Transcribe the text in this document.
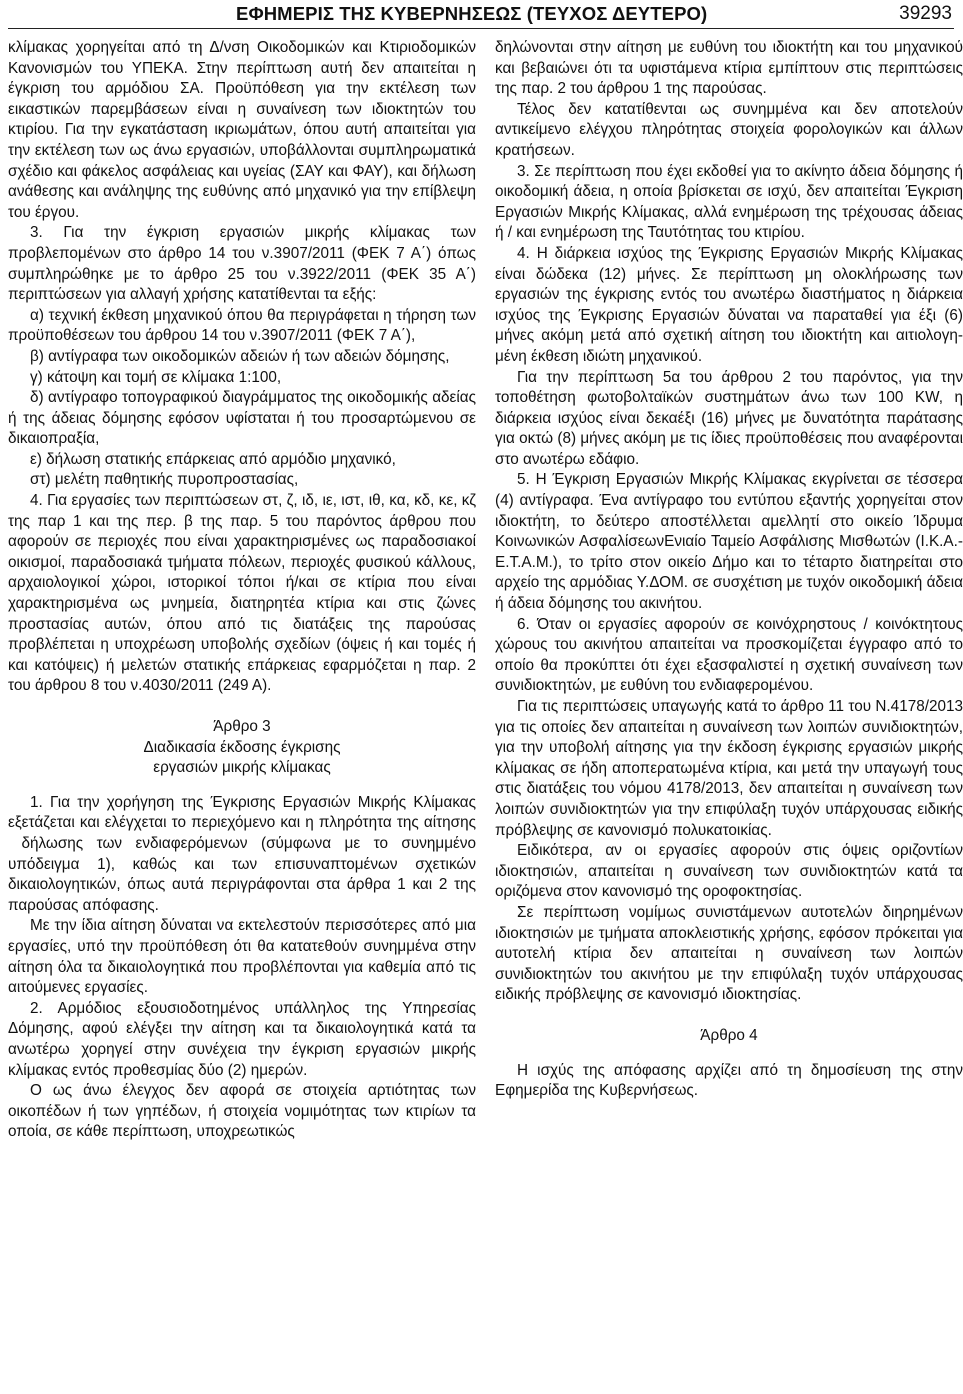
ΕΦΗΜΕΡΙΣ ΤΗΣ ΚΥΒΕΡΝΗΣΕΩΣ (ΤΕΥΧΟΣ ΔΕΥΤΕΡΟ)	39293

κλίμακας χορηγείται από τη Δ/νση Οικοδομικών και Κτιριοδομικών Κανονισμών του ΥΠΕΚΑ. Στην περίπτωση αυτή δεν απαιτείται η έγκριση του αρμόδιου ΣΑ. Προϋπόθεση για την εκτέλεση των εικαστικών παρεμβάσεων είναι η συναίνεση των ιδιοκτητών του κτιρίου. Για την εγκατάσταση ικριωμάτων, όπου αυτή απαιτείται για την εκτέλεση των ως άνω εργασιών, υποβάλλονται συμπληρωματικά σχέδιο και φάκελος ασφάλειας και υγείας (ΣΑΥ και ΦΑΥ), και δήλωση ανάθεσης και ανάληψης της ευθύνης από μηχανικό για την επίβλεψη του έργου.

3. Για την έγκριση εργασιών μικρής κλίμακας των προβλεπομένων στο άρθρο 14 του ν.3907/2011 (ΦΕΚ 7 Α΄) όπως συμπληρώθηκε με το άρθρο 25 του ν.3922/2011 (ΦΕΚ 35 Α΄) περιπτώσεων για αλλαγή χρήσης κατατίθενται τα εξής:

α) τεχνική έκθεση μηχανικού όπου θα περιγράφεται η τήρηση των προϋποθέσεων του άρθρου 14 του ν.3907/2011 (ΦΕΚ 7 Α΄),

β) αντίγραφα των οικοδομικών αδειών ή των αδειών δόμησης,

γ) κάτοψη και τομή σε κλίμακα 1:100,

δ) αντίγραφο τοπογραφικού διαγράμματος της οικοδομικής αδείας ή της άδειας δόμησης εφόσον υφίσταται ή του προσαρτώμενου σε δικαιοπραξία,

ε) δήλωση στατικής επάρκειας από αρμόδιο μηχανικό,

στ) μελέτη παθητικής πυροπροστασίας,

4. Για εργασίες των περιπτώσεων στ, ζ, ιδ, ιε, ιστ, ιθ, κα, κδ, κε, κζ της παρ 1 και της περ. β της παρ. 5 του παρόντος άρθρου που αφορούν σε περιοχές που είναι χαρακτηρισμένες ως παραδοσιακοί οικισμοί, παραδοσιακά τμήματα πόλεων, περιοχές φυσικού κάλλους, αρχαιολογικοί χώροι, ιστορικοί τόποι ή/και σε κτίρια που είναι χαρακτηρισμένα ως μνημεία, διατηρητέα κτίρια και στις ζώνες προστασίας αυτών, όπου από τις διατάξεις της παρούσας προβλέπεται η υποχρέωση υποβολής σχεδίων (όψεις ή και τομές ή και κατόψεις) ή μελετών στατικής επάρκειας εφαρμόζεται η παρ. 2 του άρθρου 8 του ν.4030/2011 (249 Α).

Άρθρο 3

Διαδικασία έκδοσης έγκρισης

εργασιών μικρής κλίμακας

1. Για την χορήγηση της Έγκρισης Εργασιών Μικρής Κλίμακας εξετάζεται και ελέγχεται το περιεχόμενο και η πληρότητα της αίτησης δήλωσης των ενδιαφερόμενων (σύμφωνα με το συνημμένο υπόδειγμα 1), καθώς και των επισυναπτομένων σχετικών δικαιολογητικών, όπως αυτά περιγράφονται στα άρθρα 1 και 2 της παρούσας απόφασης.

Με την ίδια αίτηση δύναται να εκτελεστούν περισσότερες από μια εργασίες, υπό την προϋπόθεση ότι θα κατατεθούν συνημμένα στην αίτηση όλα τα δικαιολογητικά που προβλέπονται για καθεμία από τις αιτούμενες εργασίες.

2. Αρμόδιος εξουσιοδοτημένος υπάλληλος της Υπηρεσίας Δόμησης, αφού ελέγξει την αίτηση και τα δικαιολογητικά κατά τα ανωτέρω χορηγεί στην συνέχεια την έγκριση εργασιών μικρής κλίμακας εντός προθεσμίας δύο (2) ημερών.

Ο ως άνω έλεγχος δεν αφορά σε στοιχεία αρτιότητας των οικοπέδων ή των γηπέδων, ή στοιχεία νομιμότητας των κτιρίων τα οποία, σε κάθε περίπτωση, υποχρεωτικώς

δηλώνονται στην αίτηση με ευθύνη του ιδιοκτήτη και του μηχανικού και βεβαιώνει ότι τα υφιστάμενα κτίρια εμπίπτουν στις περιπτώσεις της παρ. 2 του άρθρου 1 της παρούσας.

Τέλος δεν κατατίθενται ως συνημμένα και δεν αποτελούν αντικείμενο ελέγχου πληρότητας στοιχεία φορολογικών και άλλων κρατήσεων.

3. Σε περίπτωση που έχει εκδοθεί για το ακίνητο άδεια δόμησης ή οικοδομική άδεια, η οποία βρίσκεται σε ισχύ, δεν απαιτείται Έγκριση Εργασιών Μικρής Κλίμακας, αλλά ενημέρωση της τρέχουσας άδειας ή / και ενημέρωση της Ταυτότητας του κτιρίου.

4. Η διάρκεια ισχύος της Έγκρισης Εργασιών Μικρής Κλίμακας είναι δώδεκα (12) μήνες. Σε περίπτωση μη ολοκλήρωσης των εργασιών της έγκρισης εντός του ανωτέρω διαστήματος η διάρκεια ισχύος της Έγκρισης Εργασιών δύναται να παραταθεί για έξι (6) μήνες ακόμη μετά από σχετική αίτηση του ιδιοκτήτη και αιτιολογημένη έκθεση ιδιώτη μηχανικού.

Για την περίπτωση 5α του άρθρου 2 του παρόντος, για την τοποθέτηση φωτοβολταϊκών συστημάτων άνω των 100 KW, η διάρκεια ισχύος είναι δεκαέξι (16) μήνες με δυνατότητα παράτασης για οκτώ (8) μήνες ακόμη με τις ίδιες προϋποθέσεις που αναφέρονται στο ανωτέρω εδάφιο.

5. Η Έγκριση Εργασιών Μικρής Κλίμακας εκγρίνεται σε τέσσερα (4) αντίγραφα. Ένα αντίγραφο του εντύπου εξαντής χορηγείται στον ιδιοκτήτη, το δεύτερο αποστέλλεται αμελλητί στο οικείο Ίδρυμα Κοινωνικών ΑσφαλίσεωνΕνιαίο Ταμείο Ασφάλισης Μισθωτών (Ι.Κ.Α.Ε.Τ.Α.Μ.), το τρίτο στον οικείο Δήμο και το τέταρτο διατηρείται στο αρχείο της αρμόδιας Υ.ΔΟΜ. σε συσχέτιση με τυχόν οικοδομική άδεια ή άδεια δόμησης του ακινήτου.

6. Όταν οι εργασίες αφορούν σε κοινόχρηστους / κοινόκτητους χώρους του ακινήτου απαιτείται να προσκομίζεται έγγραφο από το οποίο θα προκύπτει ότι έχει εξασφαλιστεί η σχετική συναίνεση των συνιδιοκτητών, με ευθύνη του ενδιαφερομένου.

Για τις περιπτώσεις υπαγωγής κατά το άρθρο 11 του Ν.4178/2013 για τις οποίες δεν απαιτείται η συναίνεση των λοιπών συνιδιοκτητών, για την υποβολή αίτησης για την έκδοση έγκρισης εργασιών μικρής κλίμακας σε ήδη αποπερατωμένα κτίρια, και μετά την υπαγωγή τους στις διατάξεις του νόμου 4178/2013, δεν απαιτείται η συναίνεση των λοιπών συνιδιοκτητών για την επιφύλαξη τυχόν υπάρχουσας ειδικής πρόβλεψης σε κανονισμό πολυκατοικίας.

Ειδικότερα, αν οι εργασίες αφορούν στις όψεις οριζοντίων ιδιοκτησιών, απαιτείται η συναίνεση των συνιδιοκτητών κατά τα οριζόμενα στον κανονισμό της οροφοκτησίας.

Σε περίπτωση νομίμως συνιστάμενων αυτοτελών διηρημένων ιδιοκτησιών με τμήματα αποκλειστικής χρήσης, εφόσον πρόκειται για αυτοτελή κτίρια δεν απαιτείται η συναίνεση των λοιπών συνιδιοκτητών του ακινήτου με την επιφύλαξη τυχόν υπάρχουσας ειδικής πρόβλεψης σε κανονισμό ιδιοκτησίας.

Άρθρο 4

Η ισχύς της απόφασης αρχίζει από τη δημοσίευση της στην Εφημερίδα της Κυβερνήσεως.
